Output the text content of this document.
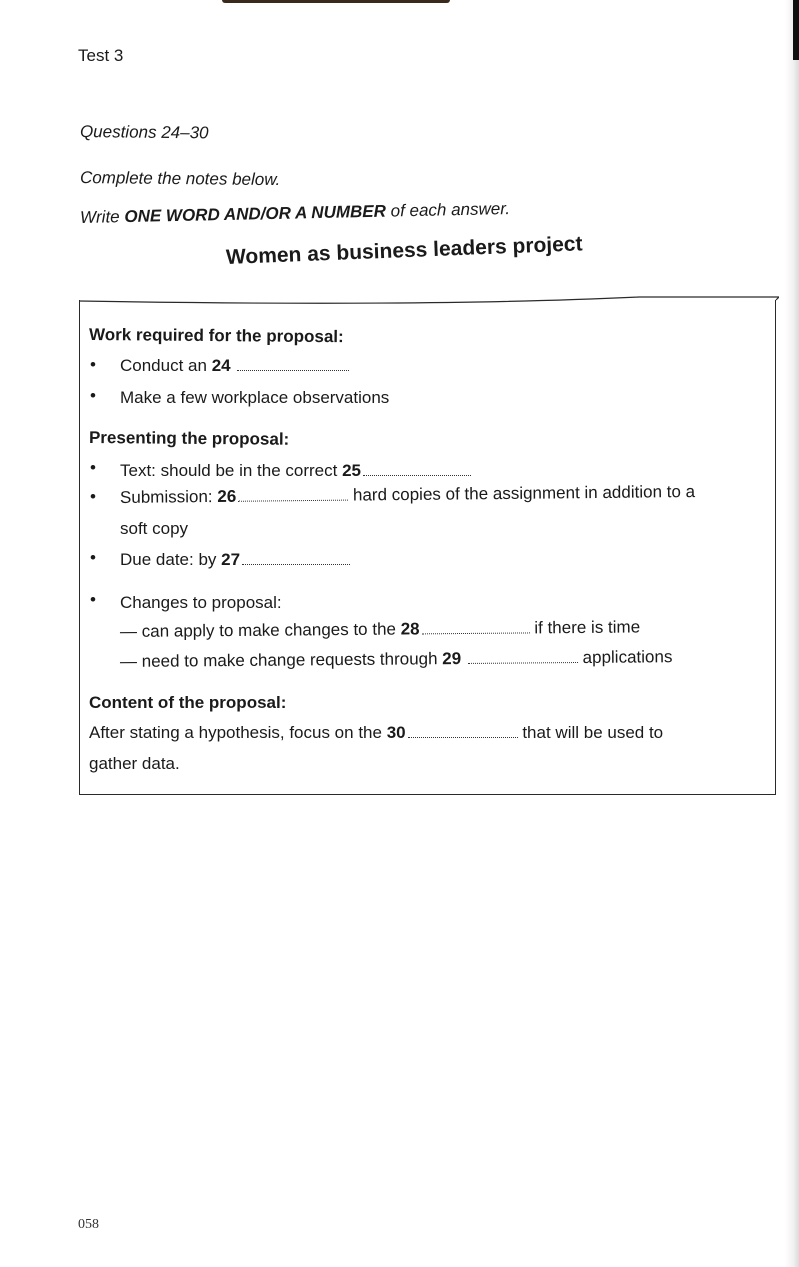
Test 3
Questions 24–30
Complete the notes below.
Write ONE WORD AND/OR A NUMBER of each answer.
Women as business leaders project
Work required for the proposal:
• Conduct an 24
• Make a few workplace observations
Presenting the proposal:
• Text: should be in the correct 25
• Submission: 26	hard copies of the assignment in addition to a
soft copy
• Due date: by 27
• Changes to proposal:
— can apply to make changes to the 28	if there is time
— need to make change requests through 29	applications
Content of the proposal:
After stating a hypothesis, focus on the 30	that will be used to
gather data.
058
